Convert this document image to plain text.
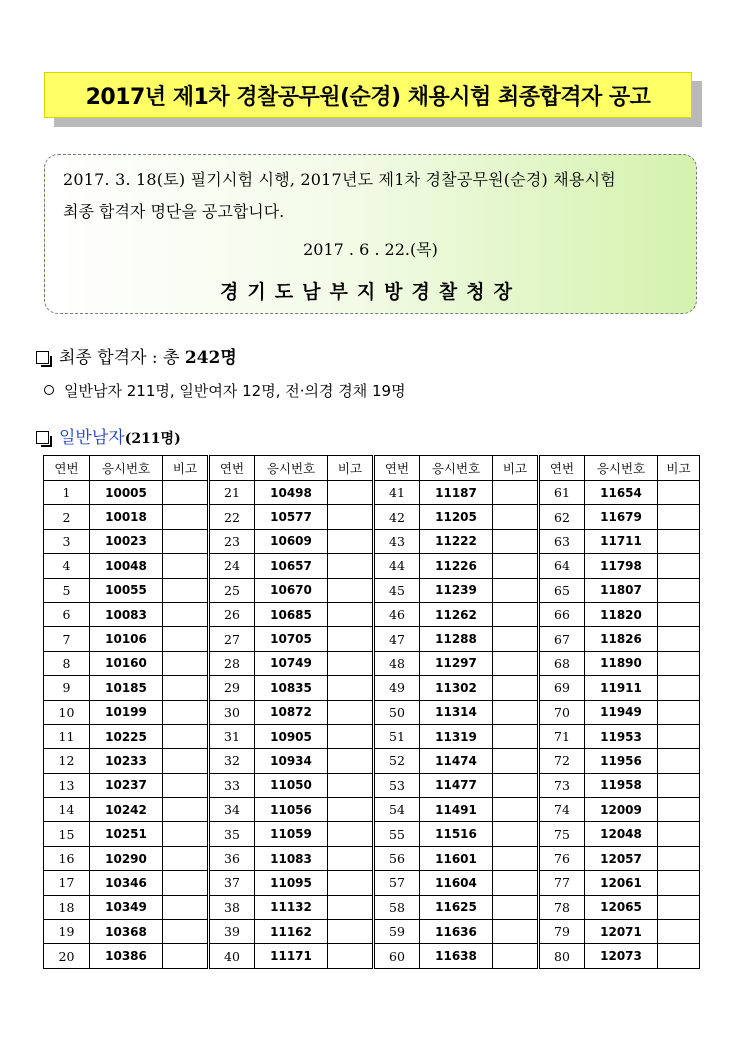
2017년 제1차 경찰공무원(순경) 채용시험 최종합격자 공고
2017. 3. 18(토) 필기시험 시행, 2017년도 제1차 경찰공무원(순경) 채용시험
최종 합격자 명단을 공고합니다.
2017 . 6 . 22.(목)
경기도남부지방경찰청장
최종 합격자 : 총 242명
일반남자 211명, 일반여자 12명, 전·의경 경채 19명
일반남자(211명)
연번	응시번호	비고	연번	응시번호	비고	연번	응시번호	비고	연번	응시번호	비고
1	10005		21	10498		41	11187		61	11654	
2	10018		22	10577		42	11205		62	11679	
3	10023		23	10609		43	11222		63	11711	
4	10048		24	10657		44	11226		64	11798	
5	10055		25	10670		45	11239		65	11807	
6	10083		26	10685		46	11262		66	11820	
7	10106		27	10705		47	11288		67	11826	
8	10160		28	10749		48	11297		68	11890	
9	10185		29	10835		49	11302		69	11911	
10	10199		30	10872		50	11314		70	11949	
11	10225		31	10905		51	11319		71	11953	
12	10233		32	10934		52	11474		72	11956	
13	10237		33	11050		53	11477		73	11958	
14	10242		34	11056		54	11491		74	12009	
15	10251		35	11059		55	11516		75	12048	
16	10290		36	11083		56	11601		76	12057	
17	10346		37	11095		57	11604		77	12061	
18	10349		38	11132		58	11625		78	12065	
19	10368		39	11162		59	11636		79	12071	
20	10386		40	11171		60	11638		80	12073	
